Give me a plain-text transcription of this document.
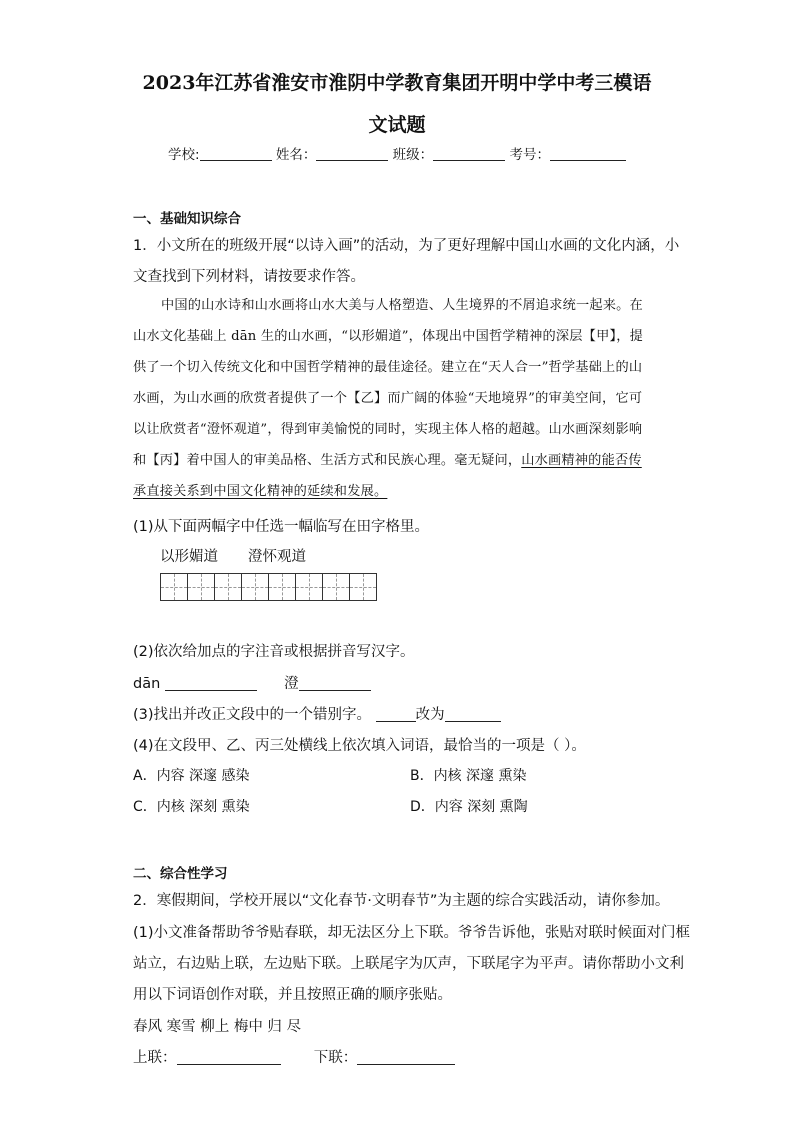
2023年江苏省淮安市淮阴中学教育集团开明中学中考三模语
文试题
学校:	姓名：	班级：	考号：
一、基础知识综合
1．小文所在的班级开展“以诗入画”的活动，为了更好理解中国山水画的文化内涵，小
文查找到下列材料，请按要求作答。
中国的山水诗和山水画将山水大美与人格塑造、人生境界的不屑追求统一起来。在
山水文化基础上 dān 生的山水画，“以形媚道”，体现出中国哲学精神的深层【甲】，提
供了一个切入传统文化和中国哲学精神的最佳途径。建立在“天人合一”哲学基础上的山
水画，为山水画的欣赏者提供了一个【乙】而广阔的体验“天地境界”的审美空间，它可
以让欣赏者“澄怀观道”，得到审美愉悦的同时，实现主体人格的超越。山水画深刻影响
和【丙】着中国人的审美品格、生活方式和民族心理。毫无疑问，山水画精神的能否传
承直接关系到中国文化精神的延续和发展。
(1)从下面两幅字中任选一幅临写在田字格里。
以形媚道 澄怀观道

(2)依次给加点的字注音或根据拼音写汉字。
dān	澄
(3)找出并改正文段中的一个错别字。	改为
(4)在文段甲、乙、丙三处横线上依次填入词语，最恰当的一项是（ ）。
A．内容 深邃 感染	B．内核 深邃 熏染
C．内核 深刻 熏染	D．内容 深刻 熏陶
二、综合性学习
2．寒假期间，学校开展以“文化春节·文明春节”为主题的综合实践活动，请你参加。
(1)小文准备帮助爷爷贴春联，却无法区分上下联。爷爷告诉他，张贴对联时候面对门框
站立，右边贴上联，左边贴下联。上联尾字为仄声，下联尾字为平声。请你帮助小文利
用以下词语创作对联，并且按照正确的顺序张贴。
春风 寒雪 柳上 梅中 归 尽
上联：	下联：
